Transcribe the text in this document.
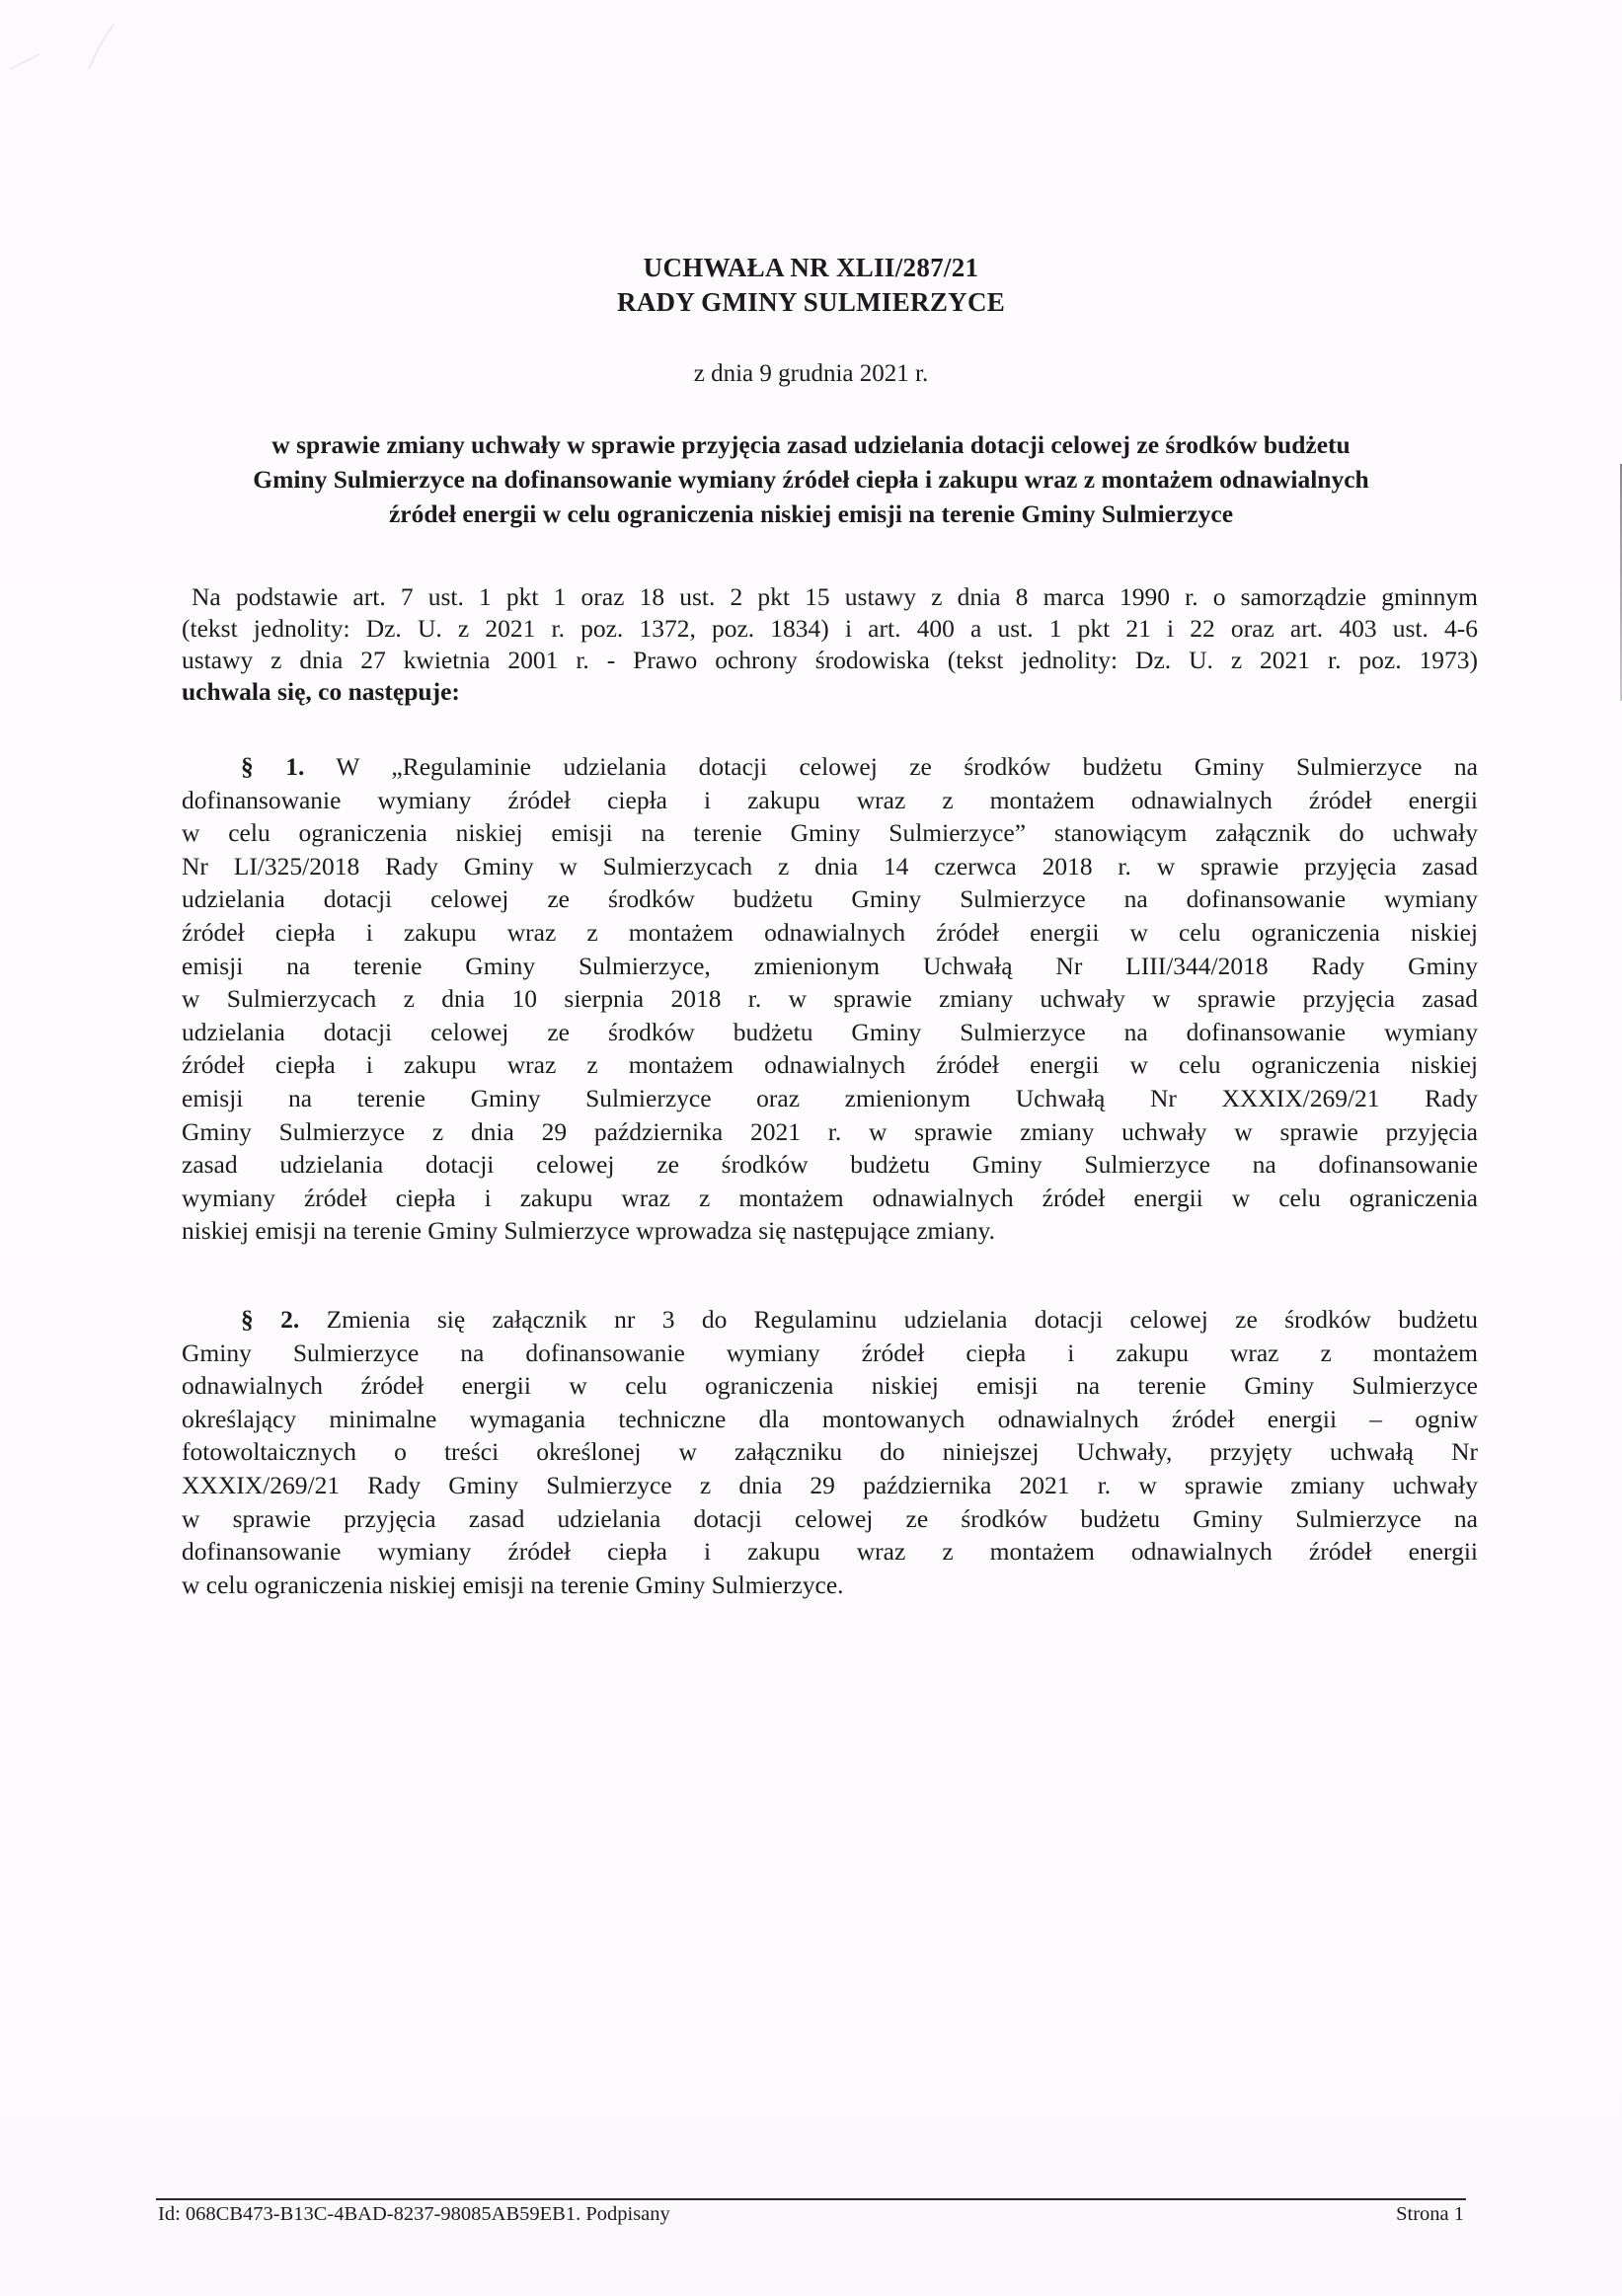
UCHWAŁA NR XLII/287/21
RADY GMINY SULMIERZYCE
z dnia 9 grudnia 2021 r.
w sprawie zmiany uchwały w sprawie przyjęcia zasad udzielania dotacji celowej ze środków budżetu
Gminy Sulmierzyce na dofinansowanie wymiany źródeł ciepła i zakupu wraz z montażem odnawialnych
źródeł energii w celu ograniczenia niskiej emisji na terenie Gminy Sulmierzyce
Na podstawie art. 7 ust. 1 pkt 1 oraz 18 ust. 2 pkt 15 ustawy z dnia 8 marca 1990 r. o samorządzie gminnym
(tekst jednolity: Dz. U. z 2021 r. poz. 1372, poz. 1834) i art. 400 a ust. 1 pkt 21 i 22 oraz art. 403 ust. 4-6
ustawy z dnia 27 kwietnia 2001 r. - Prawo ochrony środowiska (tekst jednolity: Dz. U. z 2021 r. poz. 1973)
uchwala się, co następuje:
§ 1. W „Regulaminie udzielania dotacji celowej ze środków budżetu Gminy Sulmierzyce na
dofinansowanie wymiany źródeł ciepła i zakupu wraz z montażem odnawialnych źródeł energii
w celu ograniczenia niskiej emisji na terenie Gminy Sulmierzyce” stanowiącym załącznik do uchwały
Nr LI/325/2018 Rady Gminy w Sulmierzycach z dnia 14 czerwca 2018 r. w sprawie przyjęcia zasad
udzielania dotacji celowej ze środków budżetu Gminy Sulmierzyce na dofinansowanie wymiany
źródeł ciepła i zakupu wraz z montażem odnawialnych źródeł energii w celu ograniczenia niskiej
emisji na terenie Gminy Sulmierzyce, zmienionym Uchwałą Nr LIII/344/2018 Rady Gminy
w Sulmierzycach z dnia 10 sierpnia 2018 r. w sprawie zmiany uchwały w sprawie przyjęcia zasad
udzielania dotacji celowej ze środków budżetu Gminy Sulmierzyce na dofinansowanie wymiany
źródeł ciepła i zakupu wraz z montażem odnawialnych źródeł energii w celu ograniczenia niskiej
emisji na terenie Gminy Sulmierzyce oraz zmienionym Uchwałą Nr XXXIX/269/21 Rady
Gminy Sulmierzyce z dnia 29 października 2021 r. w sprawie zmiany uchwały w sprawie przyjęcia
zasad udzielania dotacji celowej ze środków budżetu Gminy Sulmierzyce na dofinansowanie
wymiany źródeł ciepła i zakupu wraz z montażem odnawialnych źródeł energii w celu ograniczenia
niskiej emisji na terenie Gminy Sulmierzyce wprowadza się następujące zmiany.
§ 2. Zmienia się załącznik nr 3 do Regulaminu udzielania dotacji celowej ze środków budżetu
Gminy Sulmierzyce na dofinansowanie wymiany źródeł ciepła i zakupu wraz z montażem
odnawialnych źródeł energii w celu ograniczenia niskiej emisji na terenie Gminy Sulmierzyce
określający minimalne wymagania techniczne dla montowanych odnawialnych źródeł energii – ogniw
fotowoltaicznych o treści określonej w załączniku do niniejszej Uchwały, przyjęty uchwałą Nr
XXXIX/269/21 Rady Gminy Sulmierzyce z dnia 29 października 2021 r. w sprawie zmiany uchwały
w sprawie przyjęcia zasad udzielania dotacji celowej ze środków budżetu Gminy Sulmierzyce na
dofinansowanie wymiany źródeł ciepła i zakupu wraz z montażem odnawialnych źródeł energii
w celu ograniczenia niskiej emisji na terenie Gminy Sulmierzyce.
Id: 068CB473-B13C-4BAD-8237-98085AB59EB1. Podpisany	Strona 1
